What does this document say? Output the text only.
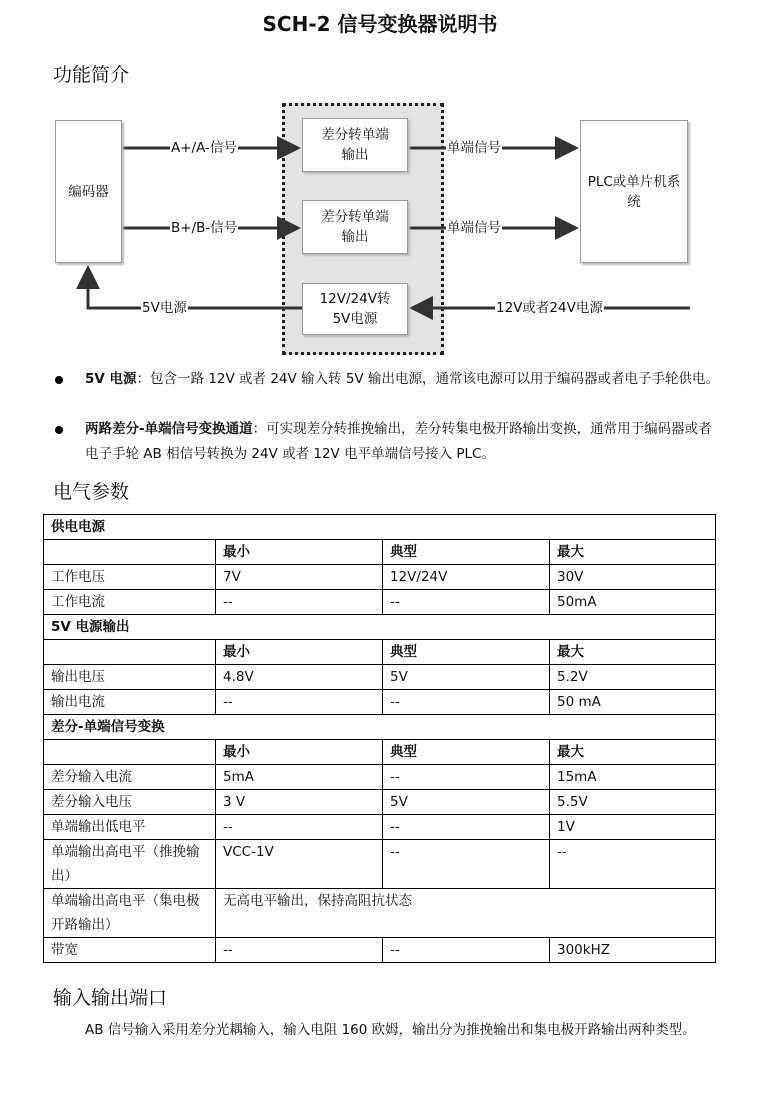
SCH-2 信号变换器说明书
功能简介
编码器
PLC或单片机系统
差分转单端输出
差分转单端输出
12V/24V转5V电源
A+/A-信号
B+/B-信号
单端信号
单端信号
5V电源	12V或者24V电源
5V 电源：包含一路 12V 或者 24V 输入转 5V 输出电源，通常该电源可以用于编码器或者电子手轮供电。
两路差分-单端信号变换通道：可实现差分转推挽输出，差分转集电极开路输出变换，通常用于编码器或者电子手轮 AB 相信号转换为 24V 或者 12V 电平单端信号接入 PLC。
电气参数
供电电源			
	最小	典型	最大
工作电压	7V	12V/24V	30V
工作电流	--	--	50mA
5V 电源输出			
	最小	典型	最大
输出电压	4.8V	5V	5.2V
输出电流	--	--	50 mA
差分-单端信号变换			
	最小	典型	最大
差分输入电流	5mA	--	15mA
差分输入电压	3 V	5V	5.5V
单端输出低电平	--	--	1V
单端输出高电平（推挽输出）	VCC-1V	--	--
单端输出高电平（集电极开路输出）	无高电平输出，保持高阻抗状态		
带宽	--	--	300kHZ
输入输出端口
AB 信号输入采用差分光耦输入，输入电阻 160 欧姆，输出分为推挽输出和集电极开路输出两种类型。
